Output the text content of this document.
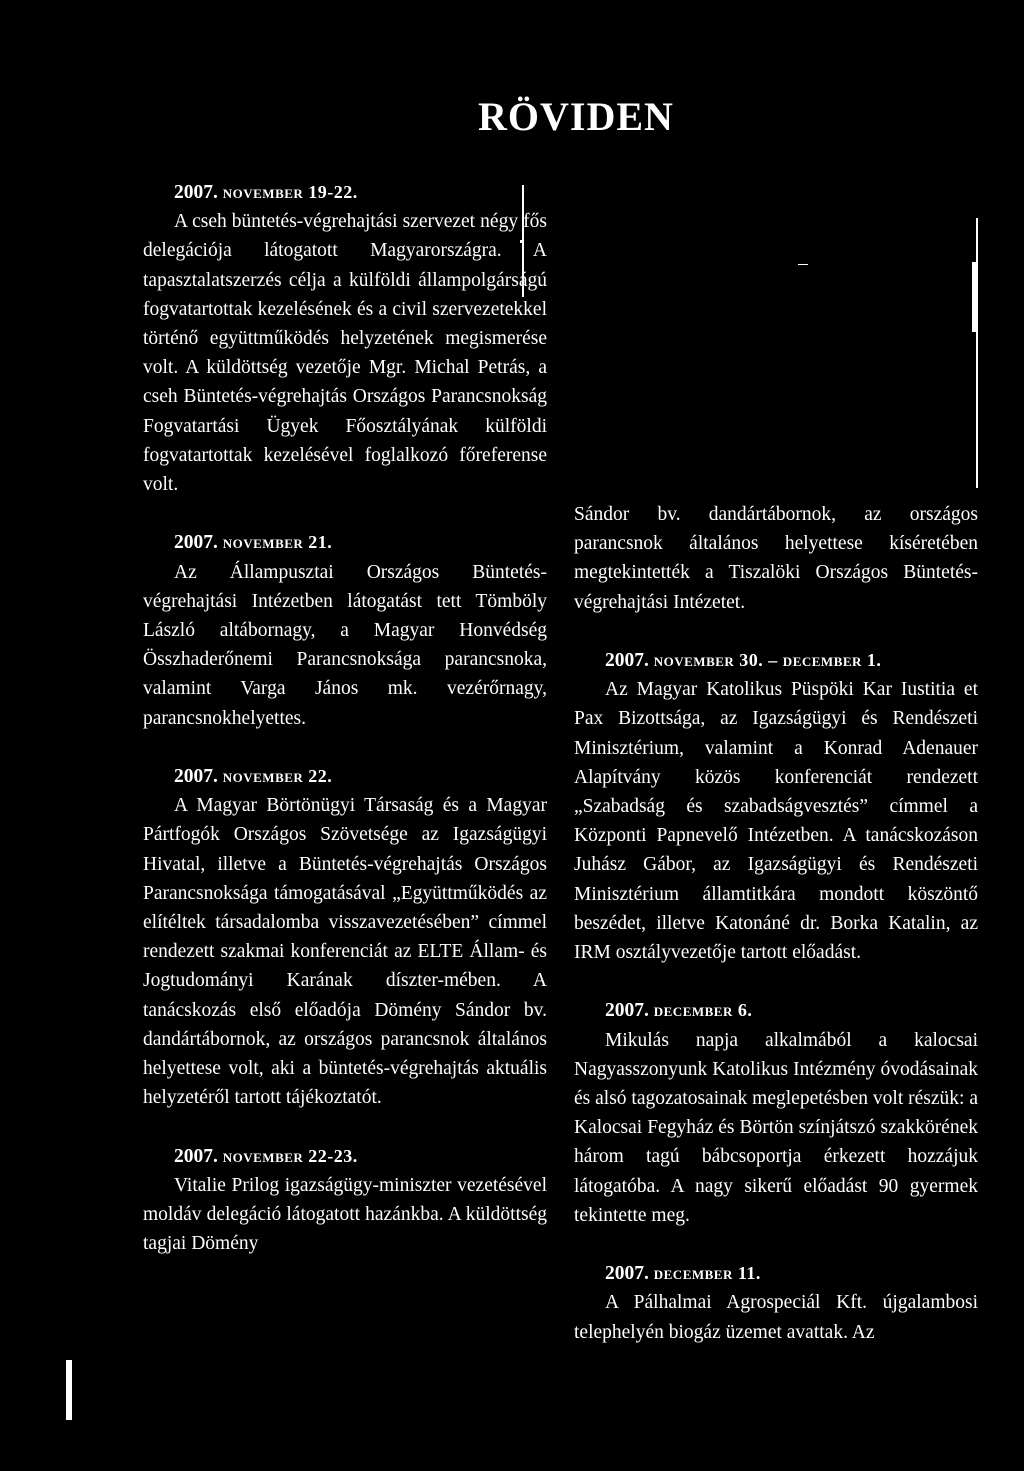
RÖVIDEN
2007. november 19-22.
A cseh büntetés-végrehajtási szervezet négy fős delegációja látogatott Magyarországra. A tapasztalatszerzés célja a külföldi állampolgárságú fogvatartottak kezelésének és a civil szervezetekkel történő együttműködés helyzetének megismerése volt. A küldöttség vezetője Mgr. Michal Petrás, a cseh Büntetés-végrehajtás Országos Parancsnokság Fogvatartási Ügyek Főosztályának külföldi fogvatartottak kezelésével foglalkozó főreferense volt.
2007. november 21.
Az Állampusztai Országos Büntetés-végrehajtási Intézetben látogatást tett Tömböly László altábornagy, a Magyar Honvédség Összhaderőnemi Parancsnoksága parancsnoka, valamint Varga János mk. vezérőrnagy, parancsnokhelyettes.
2007. november 22.
A Magyar Börtönügyi Társaság és a Magyar Pártfogók Országos Szövetsége az Igazságügyi Hivatal, illetve a Büntetés-végrehajtás Országos Parancsnoksága támogatásával „Együttműködés az elítéltek társadalomba visszavezetésében” címmel rendezett szakmai konferenciát az ELTE Állam- és Jogtudományi Karának díszter-mében. A tanácskozás első előadója Dömény Sándor bv. dandártábornok, az országos parancsnok általános helyettese volt, aki a büntetés-végrehajtás aktuális helyzetéről tartott tájékoztatót.
2007. november 22-23.
Vitalie Prilog igazságügy-miniszter vezetésével moldáv delegáció látogatott hazánkba. A küldöttség tagjai Dömény
Sándor bv. dandártábornok, az országos parancsnok általános helyettese kíséretében megtekintették a Tiszalöki Országos Büntetés-végrehajtási Intézetet.
2007. november 30. – december 1.
Az Magyar Katolikus Püspöki Kar Iustitia et Pax Bizottsága, az Igazságügyi és Rendészeti Minisztérium, valamint a Konrad Adenauer Alapítvány közös konferenciát rendezett „Szabadság és szabadságvesztés” címmel a Központi Papnevelő Intézetben. A tanácskozáson Juhász Gábor, az Igazságügyi és Rendészeti Minisztérium államtitkára mondott köszöntő beszédet, illetve Katonáné dr. Borka Katalin, az IRM osztályvezetője tartott előadást.
2007. december 6.
Mikulás napja alkalmából a kalocsai Nagyasszonyunk Katolikus Intézmény óvodásainak és alsó tagozatosainak meglepetésben volt részük: a Kalocsai Fegyház és Börtön színjátszó szakkörének három tagú bábcsoportja érkezett hozzájuk látogatóba. A nagy sikerű előadást 90 gyermek tekintette meg.
2007. december 11.
A Pálhalmai Agrospeciál Kft. újgalambosi telephelyén biogáz üzemet avattak. Az
